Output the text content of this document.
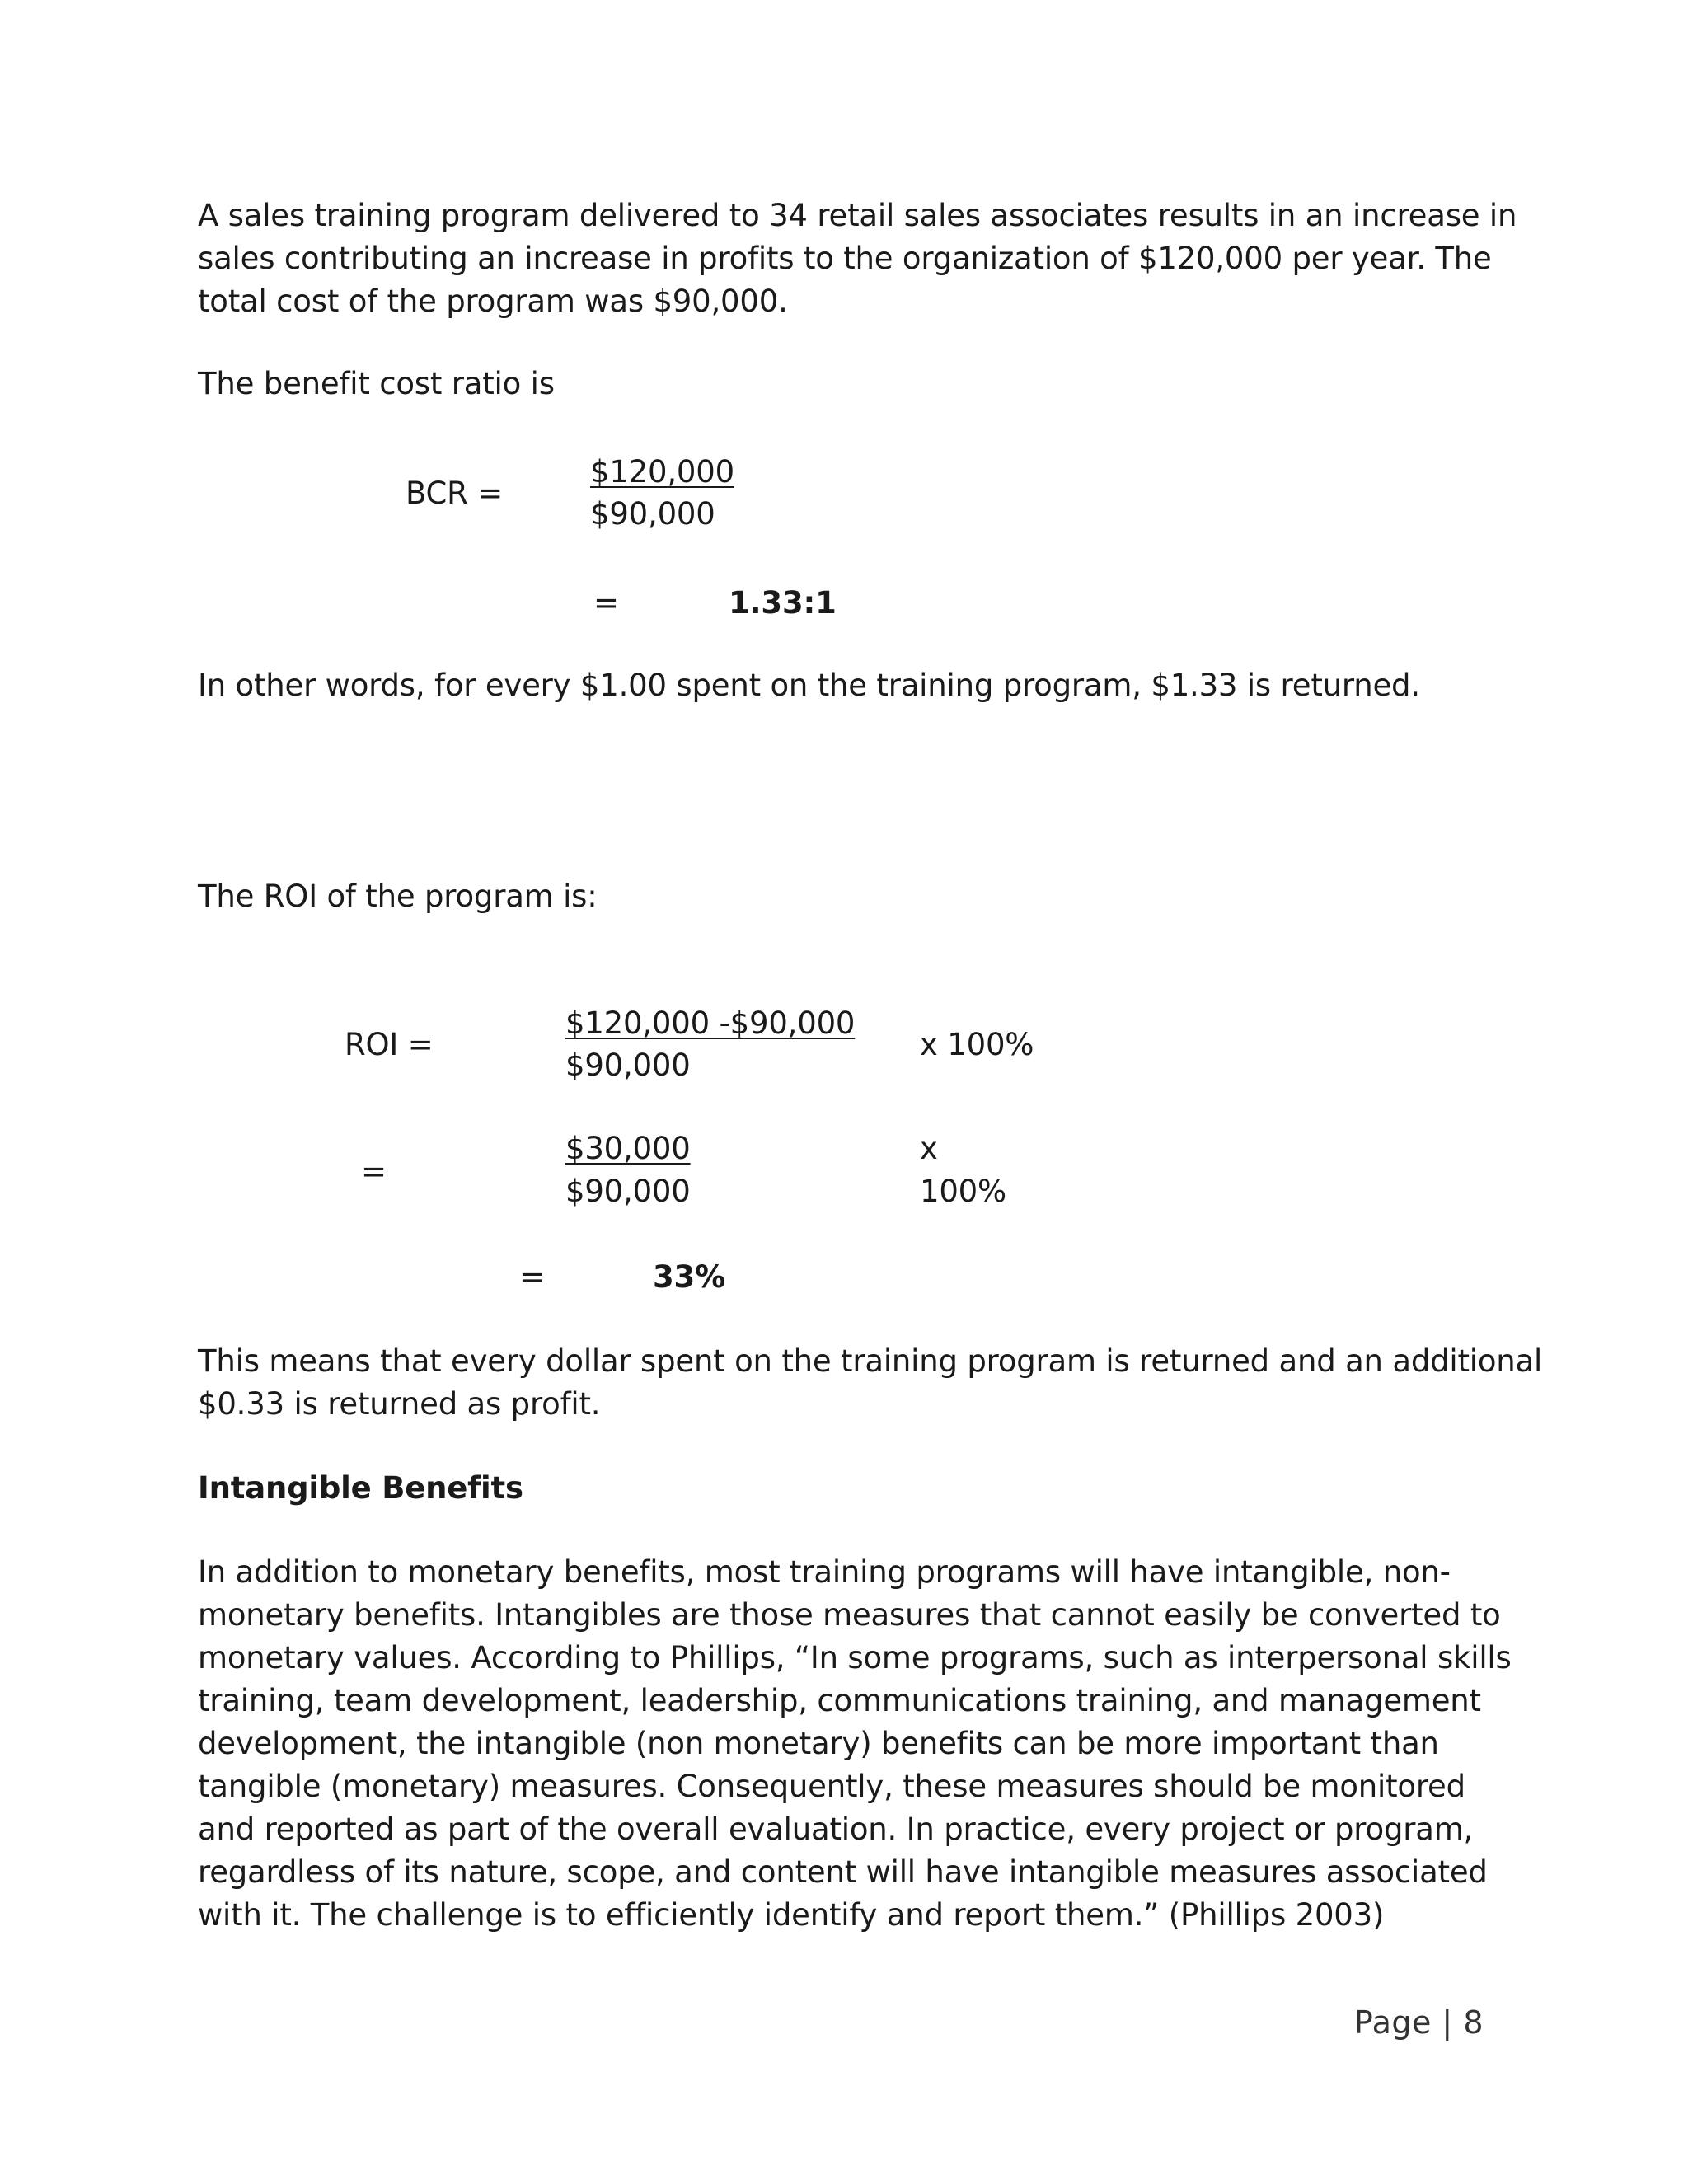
A sales training program delivered to 34 retail sales associates results in an increase in
sales contributing an increase in profits to the organization of $120,000 per year. The
total cost of the program was $90,000.
The benefit cost ratio is
BCR =
$120,000
$90,000
=	1.33:1
In other words, for every $1.00 spent on the training program, $1.33 is returned.
The ROI of the program is:
ROI =
$120,000 -$90,000
$90,000
x 100%
=
$30,000
$90,000
x
100%
=	33%
This means that every dollar spent on the training program is returned and an additional
$0.33 is returned as profit.
Intangible Benefits
In addition to monetary benefits, most training programs will have intangible, non-
monetary benefits. Intangibles are those measures that cannot easily be converted to
monetary values. According to Phillips, “In some programs, such as interpersonal skills
training, team development, leadership, communications training, and management
development, the intangible (non monetary) benefits can be more important than
tangible (monetary) measures. Consequently, these measures should be monitored
and reported as part of the overall evaluation. In practice, every project or program,
regardless of its nature, scope, and content will have intangible measures associated
with it. The challenge is to efficiently identify and report them.” (Phillips 2003)
Page | 8
